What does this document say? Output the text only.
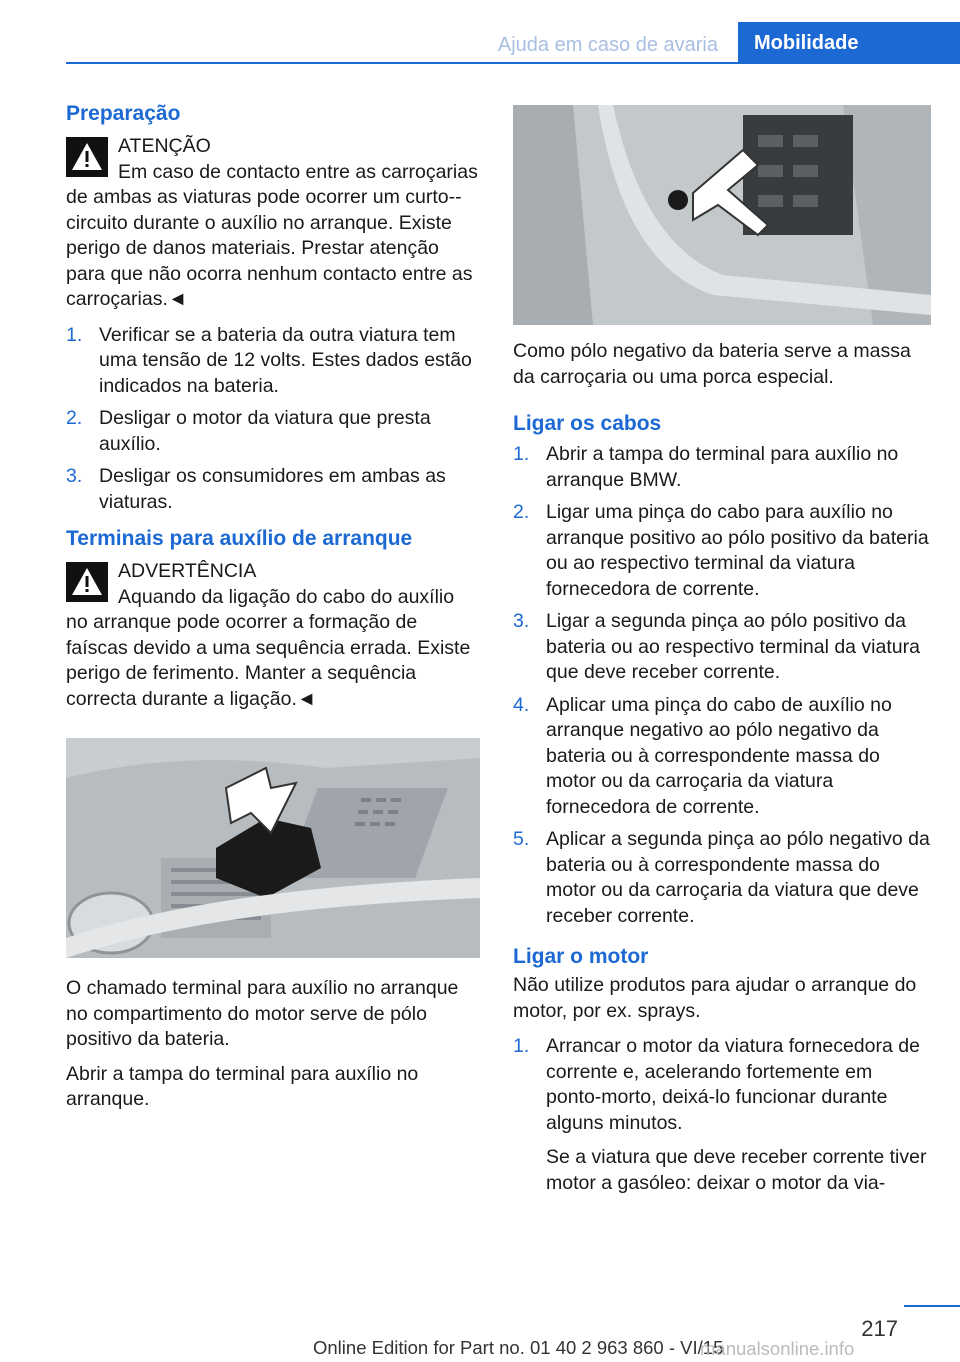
Ajuda em caso de avaria	Mobilidade
Preparação
ATENÇÃO
Em caso de contacto entre as carroçarias de ambas as viaturas pode ocorrer um curto--circuito durante o auxílio no arranque. Existe perigo de danos materiais. Prestar atenção para que não ocorra nenhum contacto entre as carroçarias.◄
1. Verificar se a bateria da outra viatura tem uma tensão de 12 volts. Estes dados estão indicados na bateria.
2. Desligar o motor da viatura que presta auxílio.
3. Desligar os consumidores em ambas as viaturas.
Terminais para auxílio de arranque
ADVERTÊNCIA
Aquando da ligação do cabo do auxílio no arranque pode ocorrer a formação de faíscas devido a uma sequência errada. Existe perigo de ferimento. Manter a sequência correcta durante a ligação.◄

O chamado terminal para auxílio no arranque no compartimento do motor serve de pólo positivo da bateria.

Abrir a tampa do terminal para auxílio no arranque.

Como pólo negativo da bateria serve a massa da carroçaria ou uma porca especial.

Ligar os cabos
1. Abrir a tampa do terminal para auxílio no arranque BMW.
2. Ligar uma pinça do cabo para auxílio no arranque positivo ao pólo positivo da bateria ou ao respectivo terminal da viatura fornecedora de corrente.
3. Ligar a segunda pinça ao pólo positivo da bateria ou ao respectivo terminal da viatura que deve receber corrente.
4. Aplicar uma pinça do cabo de auxílio no arranque negativo ao pólo negativo da bateria ou à correspondente massa do motor ou da carroçaria da viatura fornecedora de corrente.
5. Aplicar a segunda pinça ao pólo negativo da bateria ou à correspondente massa do motor ou da carroçaria da viatura que deve receber corrente.
Ligar o motor

Não utilize produtos para ajudar o arranque do motor, por ex. sprays.

1. Arrancar o motor da viatura fornecedora de corrente e, acelerando fortemente em ponto-morto, deixá-lo funcionar durante alguns minutos.

Se a viatura que deve receber corrente tiver motor a gasóleo: deixar o motor da via-

217
Online Edition for Part no. 01 40 2 963 860 - VI/15
manualsonline.info
